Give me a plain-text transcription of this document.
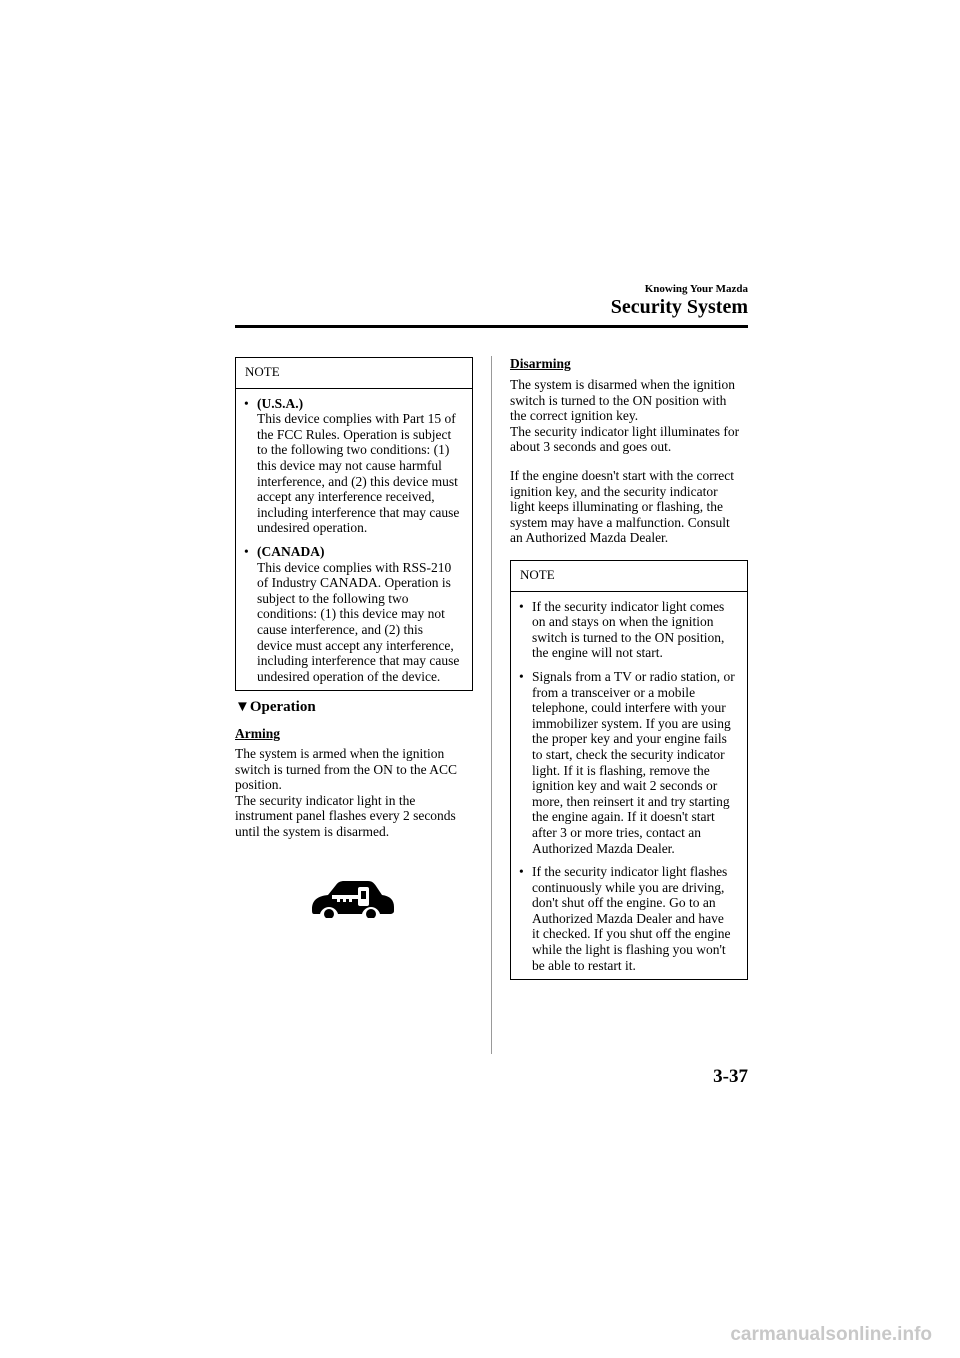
Knowing Your Mazda
Security System
NOTE
• (U.S.A.)
This device complies with Part 15 of
the FCC Rules. Operation is subject
to the following two conditions: (1)
this device may not cause harmful
interference, and (2) this device must
accept any interference received,
including interference that may cause
undesired operation.
• (CANADA)
This device complies with RSS-210
of Industry CANADA. Operation is
subject to the following two
conditions: (1) this device may not
cause interference, and (2) this
device must accept any interference,
including interference that may cause
undesired operation of the device.
▼Operation
Arming
The system is armed when the ignition
switch is turned from the ON to the ACC
position.
The security indicator light in the
instrument panel flashes every 2 seconds
until the system is disarmed.
Disarming
The system is disarmed when the ignition
switch is turned to the ON position with
the correct ignition key.
The security indicator light illuminates for
about 3 seconds and goes out.
If the engine doesn't start with the correct
ignition key, and the security indicator
light keeps illuminating or flashing, the
system may have a malfunction. Consult
an Authorized Mazda Dealer.
NOTE
• If the security indicator light comes
on and stays on when the ignition
switch is turned to the ON position,
the engine will not start.
• Signals from a TV or radio station, or
from a transceiver or a mobile
telephone, could interfere with your
immobilizer system. If you are using
the proper key and your engine fails
to start, check the security indicator
light. If it is flashing, remove the
ignition key and wait 2 seconds or
more, then reinsert it and try starting
the engine again. If it doesn't start
after 3 or more tries, contact an
Authorized Mazda Dealer.
• If the security indicator light flashes
continuously while you are driving,
don't shut off the engine. Go to an
Authorized Mazda Dealer and have
it checked. If you shut off the engine
while the light is flashing you won't
be able to restart it.
3-37
carmanualsonline.info
